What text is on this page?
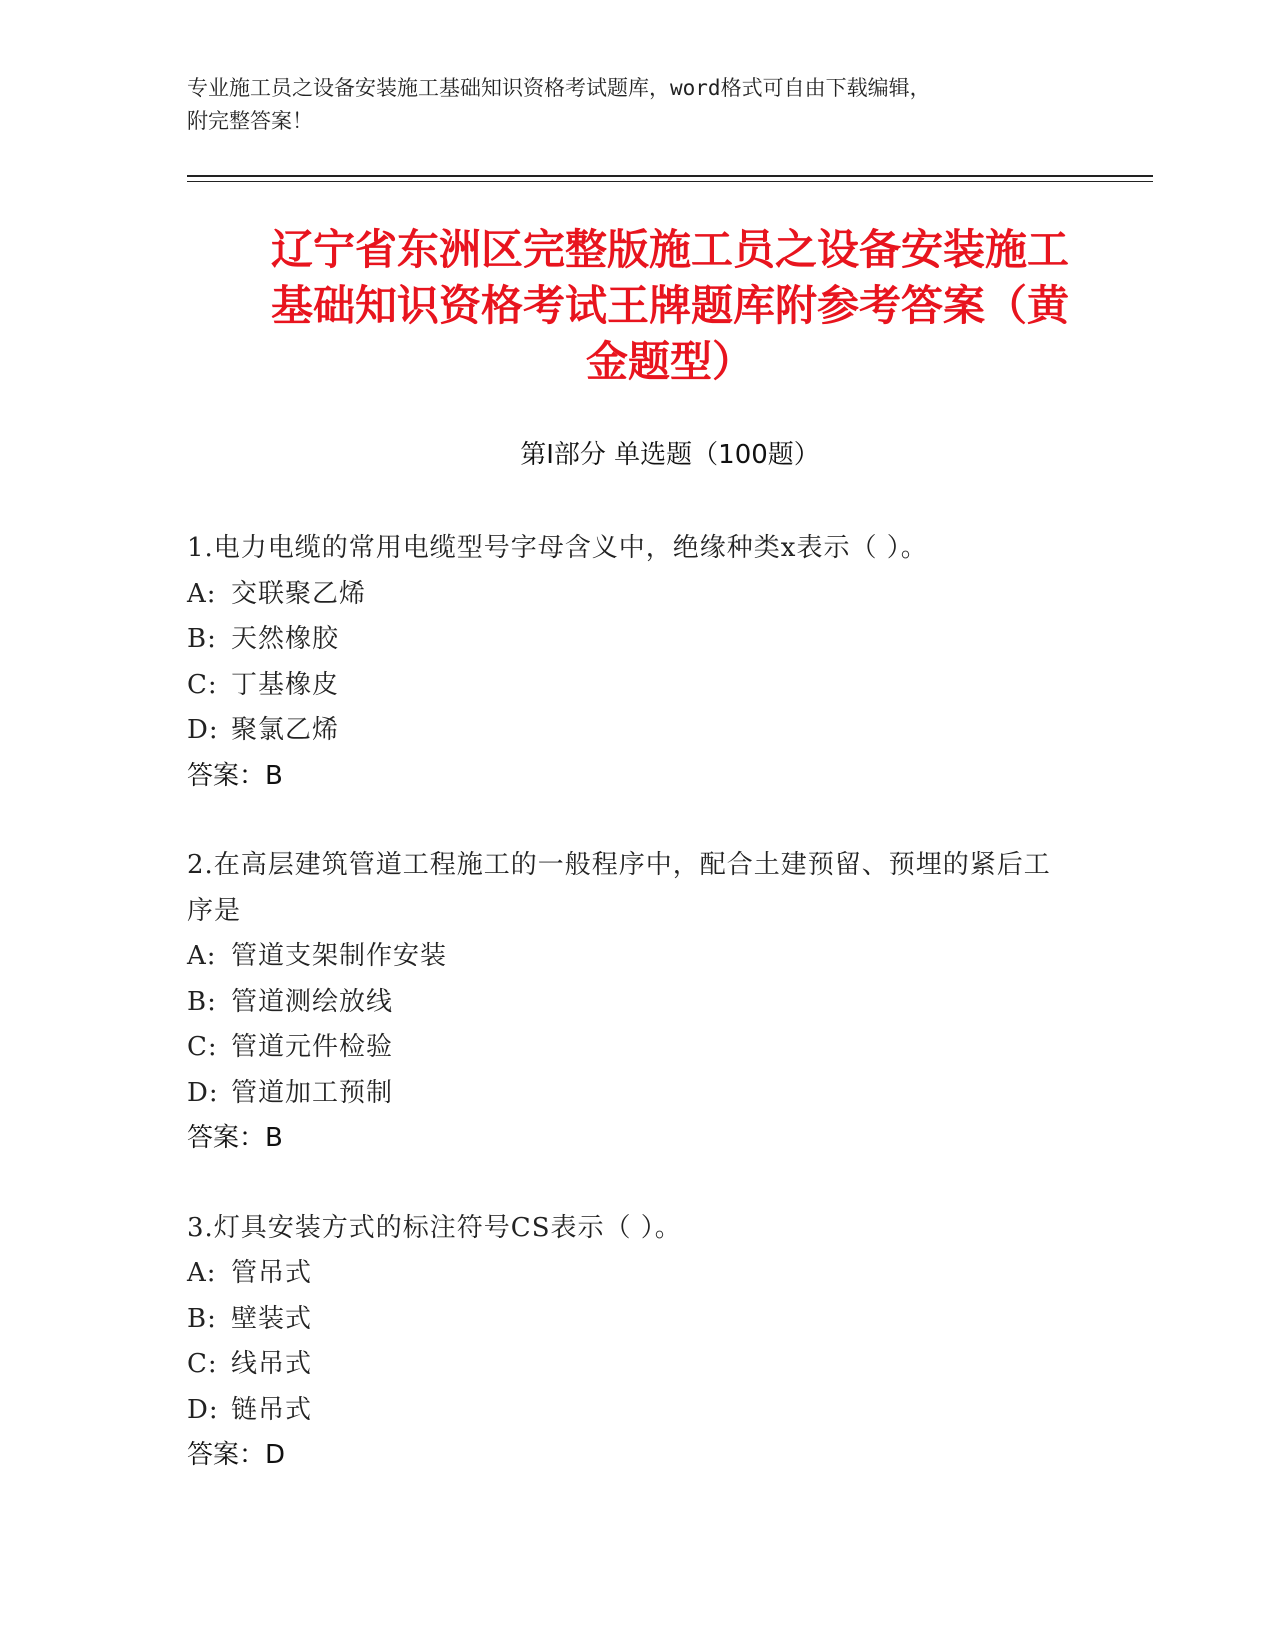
专业施工员之设备安装施工基础知识资格考试题库，word格式可自由下载编辑，
附完整答案！
辽宁省东洲区完整版施工员之设备安装施工基础知识资格考试王牌题库附参考答案（黄金题型）
第Ⅰ部分 单选题（100题）
1.电力电缆的常用电缆型号字母含义中，绝缘种类x表示（ ）。
A: 交联聚乙烯
B: 天然橡胶
C: 丁基橡皮
D: 聚氯乙烯
答案：B
2.在高层建筑管道工程施工的一般程序中，配合土建预留、预埋的紧后工序是
A: 管道支架制作安装
B: 管道测绘放线
C: 管道元件检验
D: 管道加工预制
答案：B
3.灯具安装方式的标注符号CS表示（ ）。
A: 管吊式
B: 壁装式
C: 线吊式
D: 链吊式
答案：D
